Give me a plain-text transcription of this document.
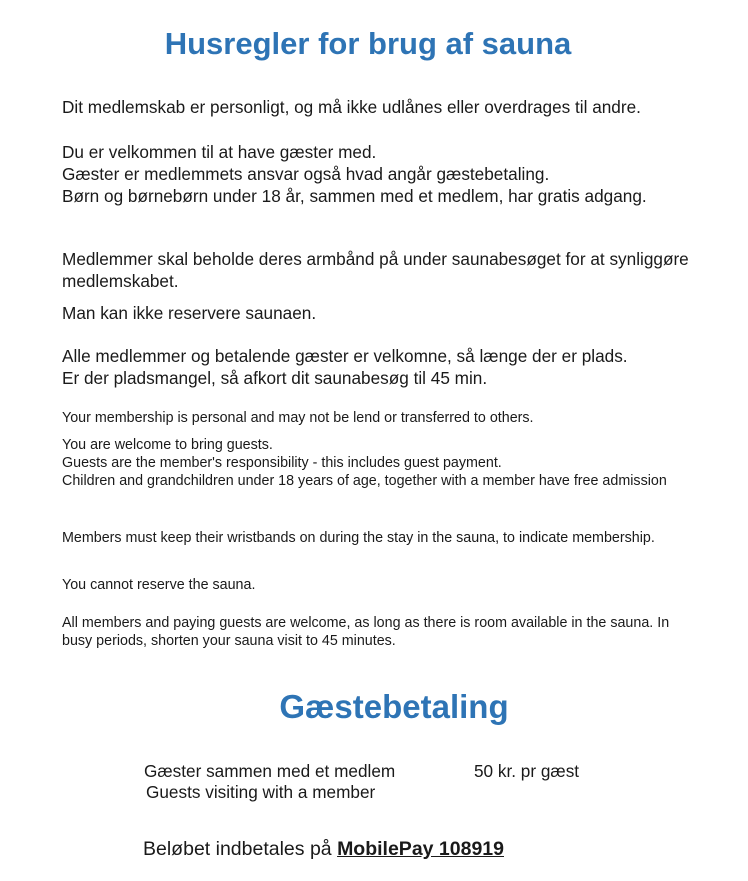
Husregler for brug af sauna

Dit medlemskab er personligt, og må ikke udlånes eller overdrages til andre.

Du er velkommen til at have gæster med.
Gæster er medlemmets ansvar også hvad angår gæstebetaling.
Børn og børnebørn under 18 år, sammen med et medlem, har gratis adgang.

Medlemmer skal beholde deres armbånd på under saunabesøget for at synliggøre medlemskabet.

Man kan ikke reservere saunaen.

Alle medlemmer og betalende gæster er velkomne, så længe der er plads.
Er der pladsmangel, så afkort dit saunabesøg til 45 min.

Your membership is personal and may not be lend or transferred to others.

You are welcome to bring guests.
Guests are the member's responsibility - this includes guest payment.
Children and grandchildren under 18 years of age, together with a member have free admission

Members must keep their wristbands on during the stay in the sauna, to indicate membership.

You cannot reserve the sauna.

All members and paying guests are welcome, as long as there is room available in the sauna. In busy periods, shorten your sauna visit to 45 minutes.

Gæstebetaling
Gæster sammen med et medlem
Guests visiting with a member
50 kr. pr gæst
Beløbet indbetales på MobilePay 108919
